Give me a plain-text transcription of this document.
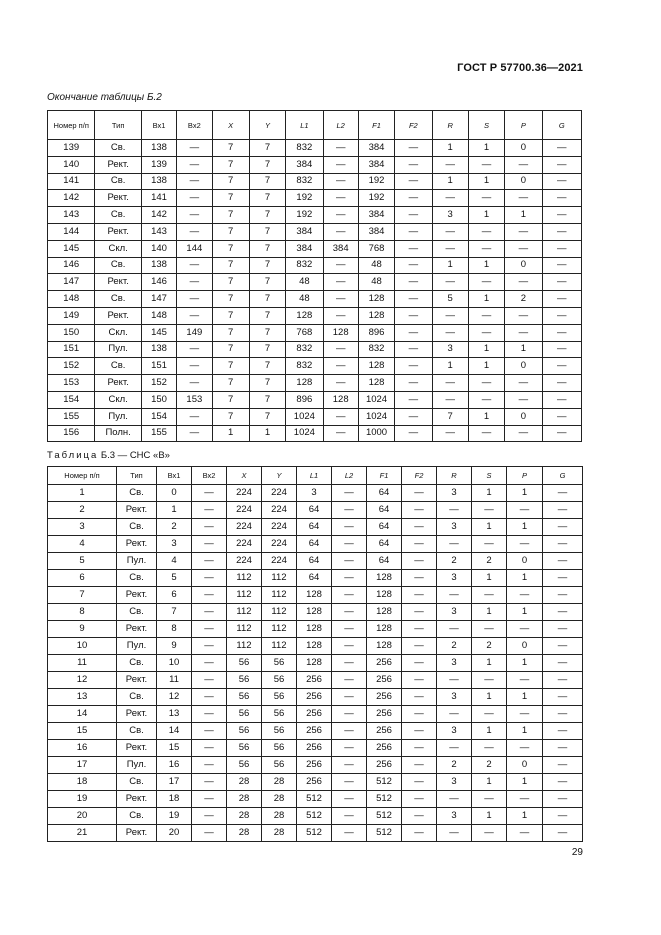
ГОСТ Р 57700.36—2021
Окончание таблицы Б.2
Номер п/п	Тип	Вх1	Вх2	X	Y	L1	L2	F1	F2	R	S	P	G
139	Св.	138	—	7	7	832	—	384	—	1	1	0	—
140	Рект.	139	—	7	7	384	—	384	—	—	—	—	—
141	Св.	138	—	7	7	832	—	192	—	1	1	0	—
142	Рект.	141	—	7	7	192	—	192	—	—	—	—	—
143	Св.	142	—	7	7	192	—	384	—	3	1	1	—
144	Рект.	143	—	7	7	384	—	384	—	—	—	—	—
145	Скл.	140	144	7	7	384	384	768	—	—	—	—	—
146	Св.	138	—	7	7	832	—	48	—	1	1	0	—
147	Рект.	146	—	7	7	48	—	48	—	—	—	—	—
148	Св.	147	—	7	7	48	—	128	—	5	1	2	—
149	Рект.	148	—	7	7	128	—	128	—	—	—	—	—
150	Скл.	145	149	7	7	768	128	896	—	—	—	—	—
151	Пул.	138	—	7	7	832	—	832	—	3	1	1	—
152	Св.	151	—	7	7	832	—	128	—	1	1	0	—
153	Рект.	152	—	7	7	128	—	128	—	—	—	—	—
154	Скл.	150	153	7	7	896	128	1024	—	—	—	—	—
155	Пул.	154	—	7	7	1024	—	1024	—	7	1	0	—
156	Полн.	155	—	1	1	1024	—	1000	—	—	—	—	—
Таблица Б.3 — СНС «В»
Номер п/п	Тип	Вх1	Вх2	X	Y	L1	L2	F1	F2	R	S	P	G
1	Св.	0	—	224	224	3	—	64	—	3	1	1	—
2	Рект.	1	—	224	224	64	—	64	—	—	—	—	—
3	Св.	2	—	224	224	64	—	64	—	3	1	1	—
4	Рект.	3	—	224	224	64	—	64	—	—	—	—	—
5	Пул.	4	—	224	224	64	—	64	—	2	2	0	—
6	Св.	5	—	112	112	64	—	128	—	3	1	1	—
7	Рект.	6	—	112	112	128	—	128	—	—	—	—	—
8	Св.	7	—	112	112	128	—	128	—	3	1	1	—
9	Рект.	8	—	112	112	128	—	128	—	—	—	—	—
10	Пул.	9	—	112	112	128	—	128	—	2	2	0	—
11	Св.	10	—	56	56	128	—	256	—	3	1	1	—
12	Рект.	11	—	56	56	256	—	256	—	—	—	—	—
13	Св.	12	—	56	56	256	—	256	—	3	1	1	—
14	Рект.	13	—	56	56	256	—	256	—	—	—	—	—
15	Св.	14	—	56	56	256	—	256	—	3	1	1	—
16	Рект.	15	—	56	56	256	—	256	—	—	—	—	—
17	Пул.	16	—	56	56	256	—	256	—	2	2	0	—
18	Св.	17	—	28	28	256	—	512	—	3	1	1	—
19	Рект.	18	—	28	28	512	—	512	—	—	—	—	—
20	Св.	19	—	28	28	512	—	512	—	3	1	1	—
21	Рект.	20	—	28	28	512	—	512	—	—	—	—	—
29
